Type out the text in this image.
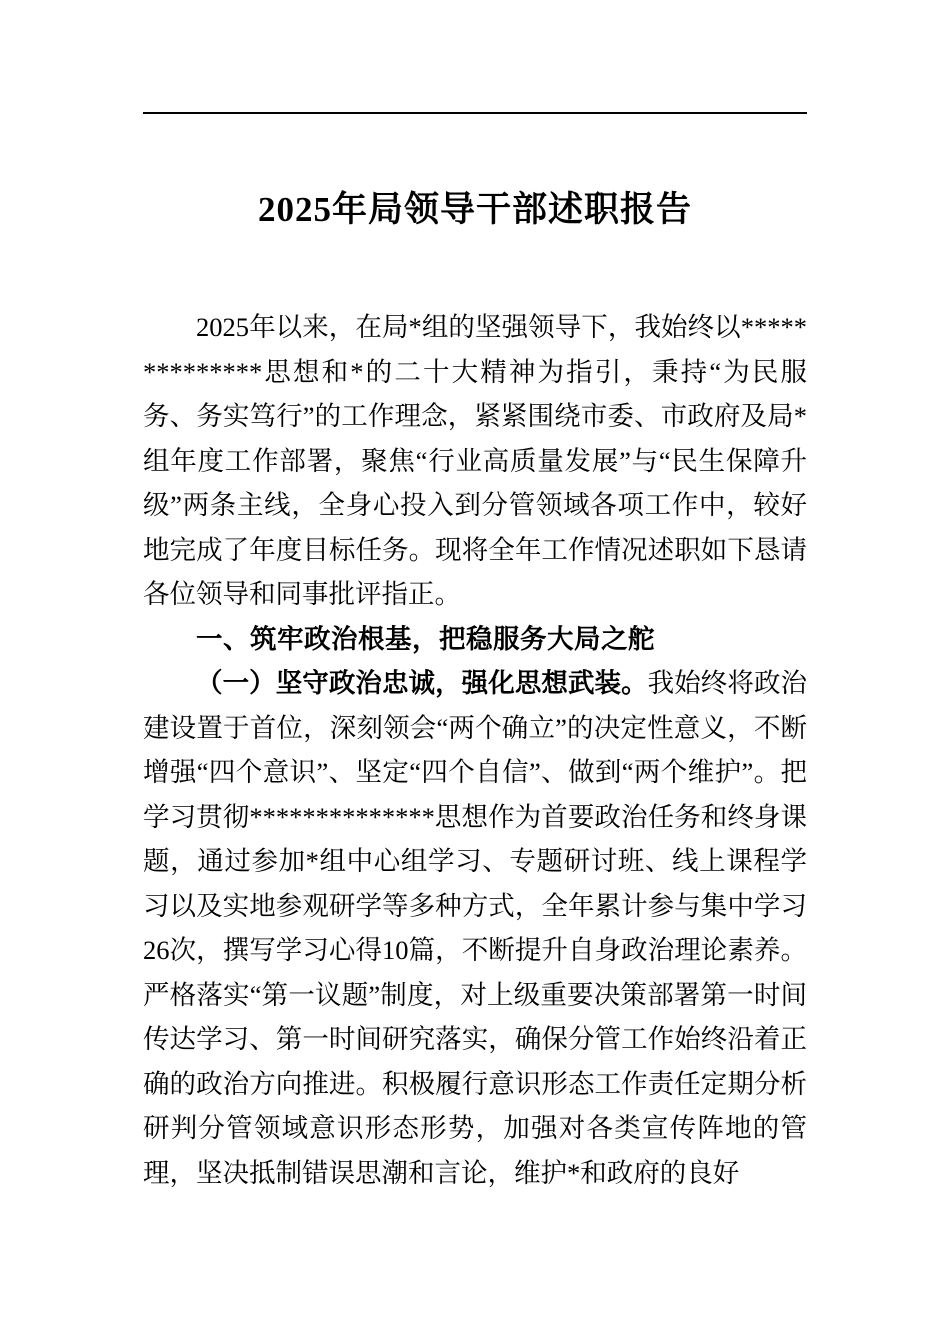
2025年局领导干部述职报告

2025年以来，在局*组的坚强领导下，我始终以**************思想和*的二十大精神为指引，秉持“为民服务、务实笃行”的工作理念，紧紧围绕市委、市政府及局*组年度工作部署，聚焦“行业高质量发展”与“民生保障升级”两条主线，全身心投入到分管领域各项工作中，较好地完成了年度目标任务。现将全年工作情况述职如下恳请各位领导和同事批评指正。

一、筑牢政治根基，把稳服务大局之舵

（一）坚守政治忠诚，强化思想武装。我始终将政治建设置于首位，深刻领会“两个确立”的决定性意义，不断增强“四个意识”、坚定“四个自信”、做到“两个维护”。把学习贯彻**************思想作为首要政治任务和终身课题，通过参加*组中心组学习、专题研讨班、线上课程学习以及实地参观研学等多种方式，全年累计参与集中学习26次，撰写学习心得10篇，不断提升自身政治理论素养。严格落实“第一议题”制度，对上级重要决策部署第一时间传达学习、第一时间研究落实，确保分管工作始终沿着正确的政治方向推进。积极履行意识形态工作责任定期分析研判分管领域意识形态形势，加强对各类宣传阵地的管理，坚决抵制错误思潮和言论，维护*和政府的良好
